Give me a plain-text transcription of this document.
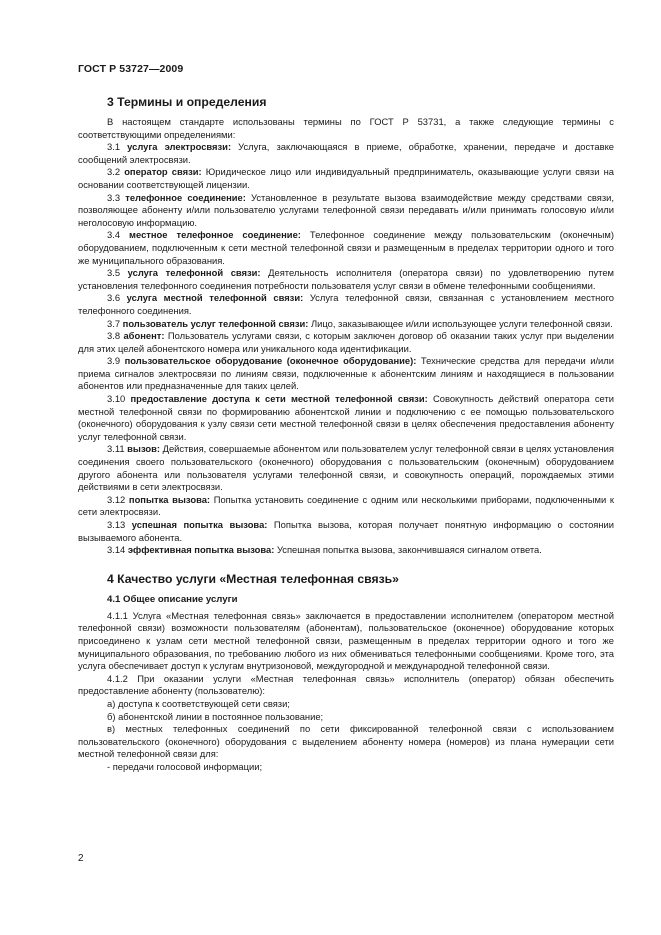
ГОСТ Р 53727—2009
3 Термины и определения

В настоящем стандарте использованы термины по ГОСТ Р 53731, а также следующие термины с соответствующими определениями:

3.1 услуга электросвязи: Услуга, заключающаяся в приеме, обработке, хранении, передаче и доставке сообщений электросвязи.

3.2 оператор связи: Юридическое лицо или индивидуальный предприниматель, оказывающие услуги связи на основании соответствующей лицензии.

3.3 телефонное соединение: Установленное в результате вызова взаимодействие между средствами связи, позволяющее абоненту и/или пользователю услугами телефонной связи передавать и/или принимать голосовую и/или неголосовую информацию.

3.4 местное телефонное соединение: Телефонное соединение между пользовательским (оконечным) оборудованием, подключенным к сети местной телефонной связи и размещенным в пределах территории одного и того же муниципального образования.

3.5 услуга телефонной связи: Деятельность исполнителя (оператора связи) по удовлетворению путем установления телефонного соединения потребности пользователя услуг связи в обмене телефонными сообщениями.

3.6 услуга местной телефонной связи: Услуга телефонной связи, связанная с установлением местного телефонного соединения.

3.7 пользователь услуг телефонной связи: Лицо, заказывающее и/или использующее услуги телефонной связи.

3.8 абонент: Пользователь услугами связи, с которым заключен договор об оказании таких услуг при выделении для этих целей абонентского номера или уникального кода идентификации.

3.9 пользовательское оборудование (оконечное оборудование): Технические средства для передачи и/или приема сигналов электросвязи по линиям связи, подключенные к абонентским линиям и находящиеся в пользовании абонентов или предназначенные для таких целей.

3.10 предоставление доступа к сети местной телефонной связи: Совокупность действий оператора сети местной телефонной связи по формированию абонентской линии и подключению с ее помощью пользовательского (оконечного) оборудования к узлу связи сети местной телефонной связи в целях обеспечения предоставления абоненту услуг телефонной связи.

3.11 вызов: Действия, совершаемые абонентом или пользователем услуг телефонной связи в целях установления соединения своего пользовательского (оконечного) оборудования с пользовательским (оконечным) оборудованием другого абонента или пользователя услугами телефонной связи, и совокупность операций, порождаемых этими действиями в сети электросвязи.

3.12 попытка вызова: Попытка установить соединение с одним или несколькими приборами, подключенными к сети электросвязи.

3.13 успешная попытка вызова: Попытка вызова, которая получает понятную информацию о состоянии вызываемого абонента.

3.14 эффективная попытка вызова: Успешная попытка вызова, закончившаяся сигналом ответа.

4 Качество услуги «Местная телефонная связь»
4.1 Общее описание услуги

4.1.1 Услуга «Местная телефонная связь» заключается в предоставлении исполнителем (оператором местной телефонной связи) возможности пользователям (абонентам), пользовательское (оконечное) оборудование которых присоединено к узлам сети местной телефонной связи, размещенным в пределах территории одного и того же муниципального образования, по требованию любого из них обмениваться телефонными сообщениями. Кроме того, эта услуга обеспечивает доступ к услугам внутризоновой, междугородной и международной телефонной связи.

4.1.2 При оказании услуги «Местная телефонная связь» исполнитель (оператор) обязан обеспечить предоставление абоненту (пользователю):

а) доступа к соответствующей сети связи;

б) абонентской линии в постоянное пользование;

в) местных телефонных соединений по сети фиксированной телефонной связи с использованием пользовательского (оконечного) оборудования с выделением абоненту номера (номеров) из плана нумерации сети местной телефонной связи для:

- передачи голосовой информации;

2
